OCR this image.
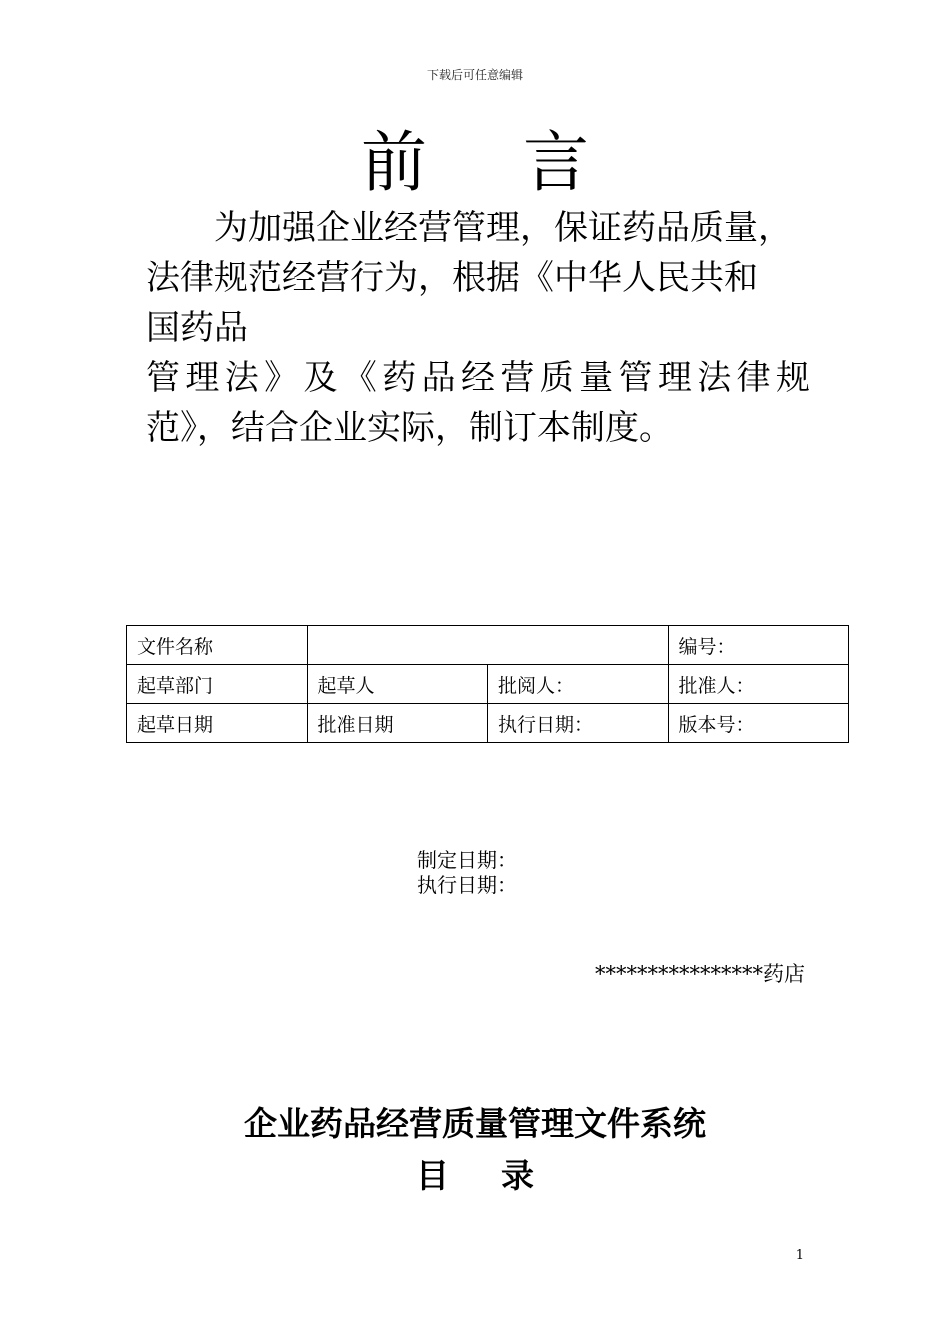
下载后可任意编辑
前言
为加强企业经营管理，保证药品质量，
法律规范经营行为，根据《中华人民共和
国药品
管理法》及《药品经营质量管理法律规
范》，结合企业实际，制订本制度。
文件名称			编号：
起草部门	起草人	批阅人：	批准人：
起草日期	批准日期	执行日期：	版本号：
制定日期：
执行日期：
****************药店
企业药品经营质量管理文件系统
目录
1
